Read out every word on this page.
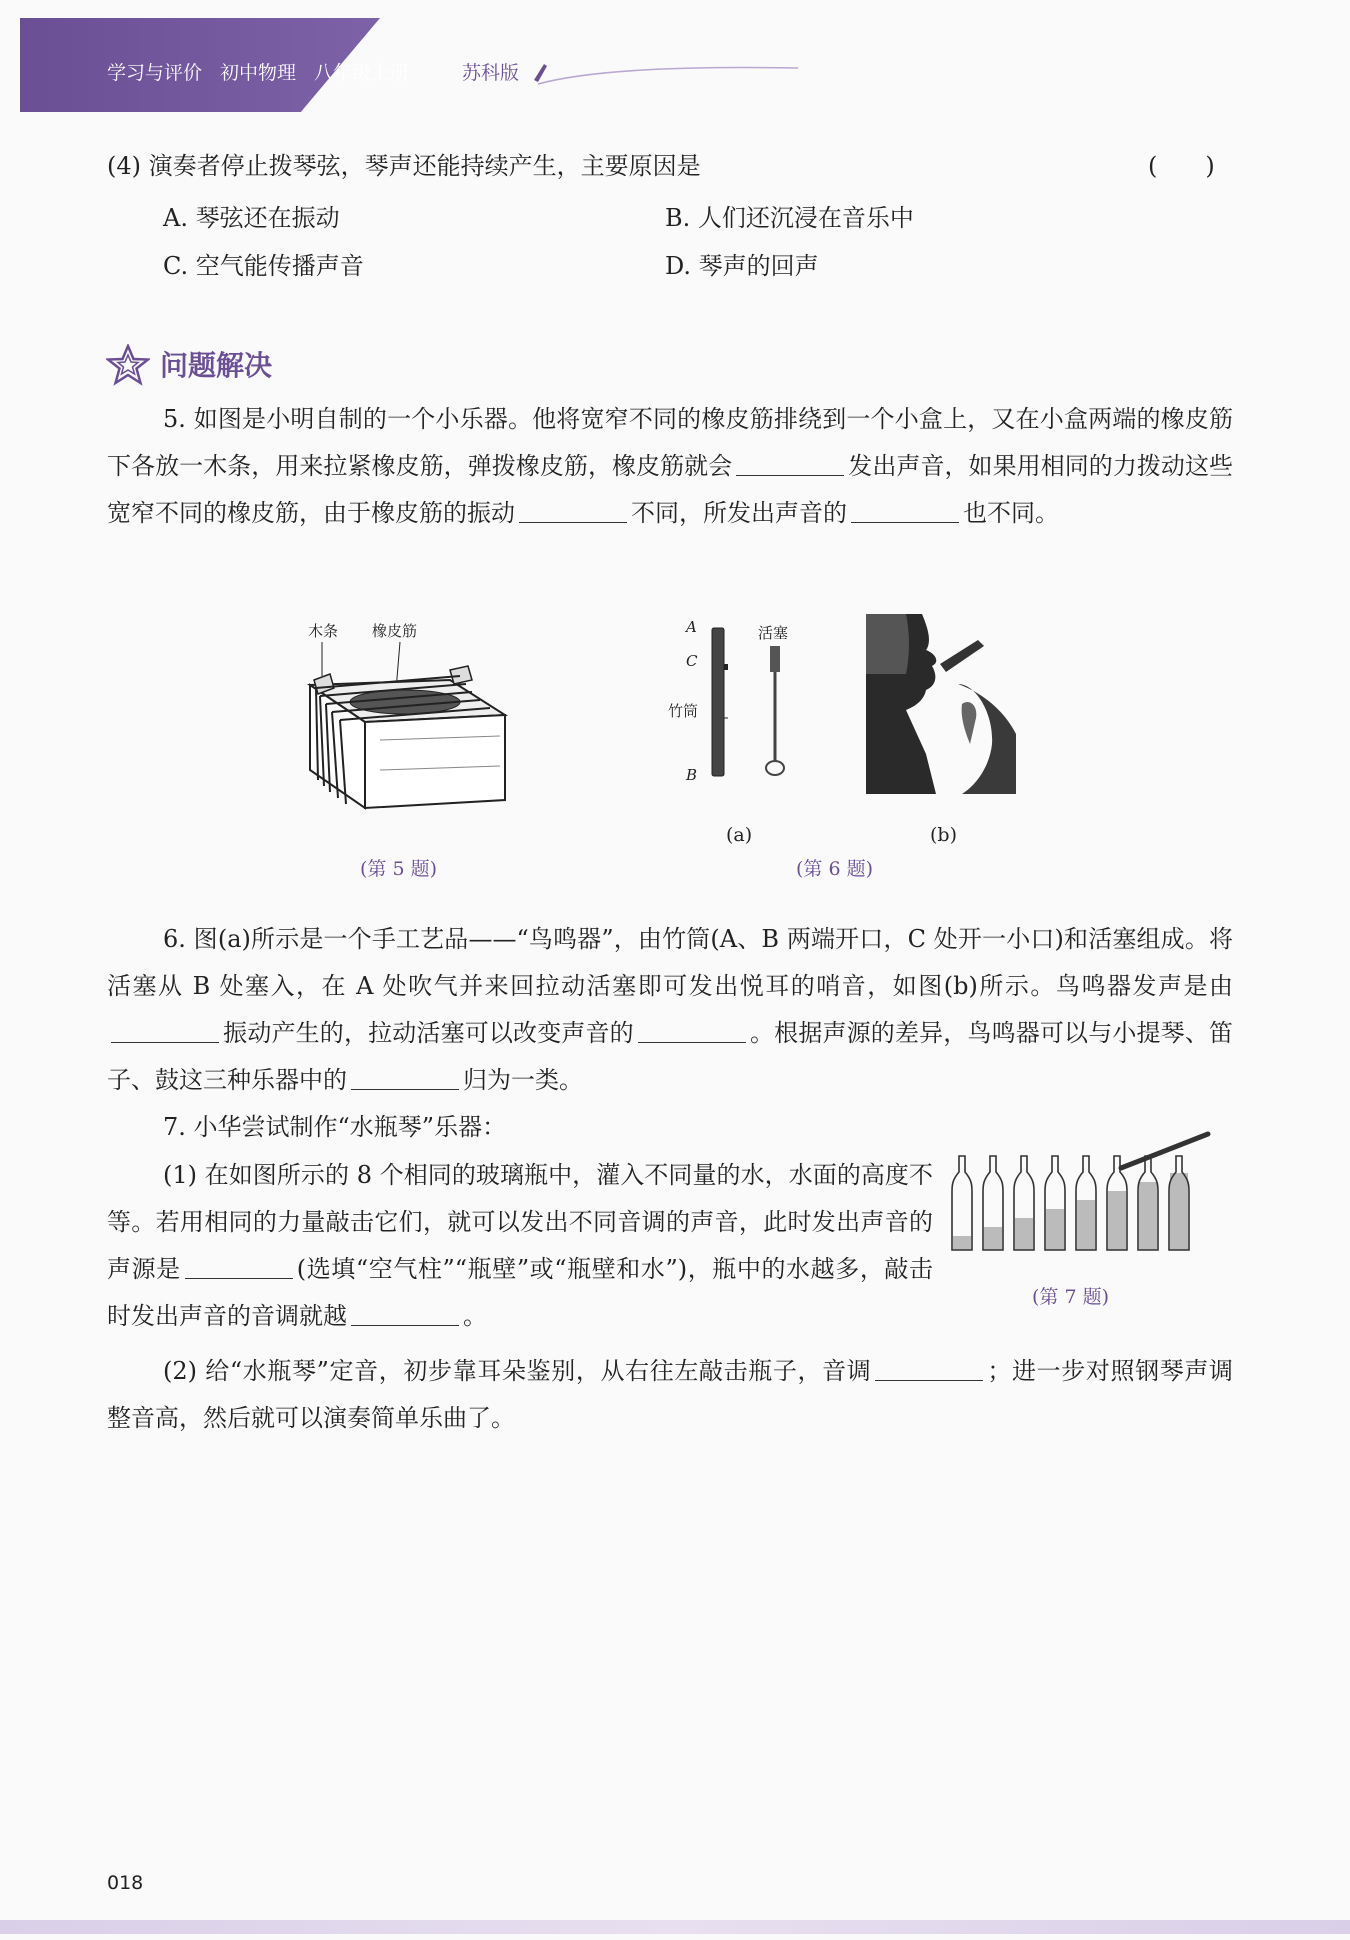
学习与评价 初中物理 八年级上册	苏科版
(4) 演奏者停止拨琴弦，琴声还能持续产生，主要原因是	(　　)
A. 琴弦还在振动	B. 人们还沉浸在音乐中
C. 空气能传播声音	D. 琴声的回声
问题解决
5. 如图是小明自制的一个小乐器。他将宽窄不同的橡皮筋排绕到一个小盒上，又在小盒两端的橡皮筋下各放一木条，用来拉紧橡皮筋，弹拨橡皮筋，橡皮筋就会	发出声音，如果用相同的力拨动这些宽窄不同的橡皮筋，由于橡皮筋的振动	不同，所发出声音的	也不同。
木条 橡皮筋
(第 5 题)
A
C
竹筒
B
活塞
(a)	(b)
(第 6 题)
6. 图(a)所示是一个手工艺品——“鸟鸣器”，由竹筒(A、B 两端开口，C 处开一小口)和活塞组成。将活塞从 B 处塞入，在 A 处吹气并来回拉动活塞即可发出悦耳的哨音，如图(b)所示。鸟鸣器发声是由振动产生的，拉动活塞可以改变声音的	。根据声源的差异，鸟鸣器可以与小提琴、笛子、鼓这三种乐器中的	归为一类。
7. 小华尝试制作“水瓶琴”乐器：
(1) 在如图所示的 8 个相同的玻璃瓶中，灌入不同量的水，水面的高度不等。若用相同的力量敲击它们，就可以发出不同音调的声音，此时发出声音的声源是	(选填“空气柱”“瓶壁”或“瓶壁和水”)，瓶中的水越多，敲击时发出声音的音调就越	。
(第 7 题)
(2) 给“水瓶琴”定音，初步靠耳朵鉴别，从右往左敲击瓶子，音调	；进一步对照钢琴声调整音高，然后就可以演奏简单乐曲了。
018
